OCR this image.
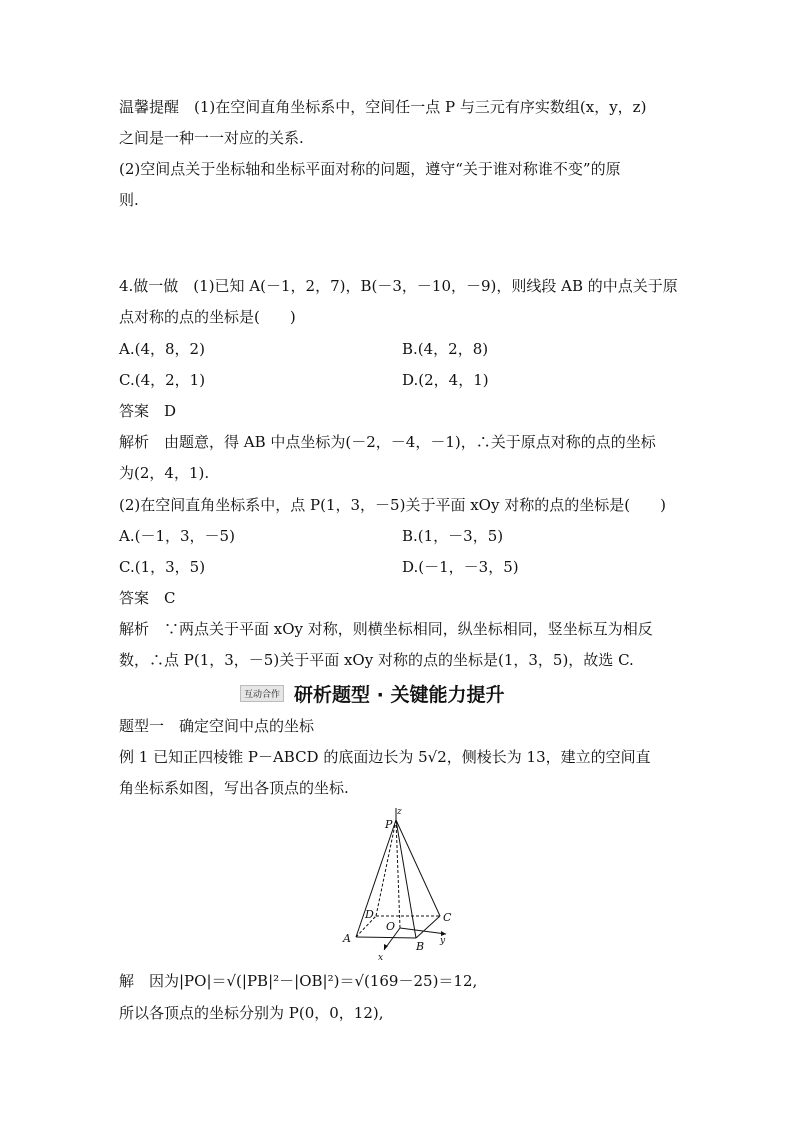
温馨提醒　(1)在空间直角坐标系中，空间任一点 P 与三元有序实数组(x，y，z)
之间是一种一一对应的关系.
(2)空间点关于坐标轴和坐标平面对称的问题，遵守“关于谁对称谁不变”的原
则.
4.做一做　(1)已知 A(－1，2，7)，B(－3，－10，－9)，则线段 AB 的中点关于原
点对称的点的坐标是(　　)
A.(4，8，2)	B.(4，2，8)
C.(4，2，1)	D.(2，4，1)
答案　D
解析　由题意，得 AB 中点坐标为(－2，－4，－1)，∴关于原点对称的点的坐标
为(2，4，1).
(2)在空间直角坐标系中，点 P(1，3，－5)关于平面 xOy 对称的点的坐标是(　　)
A.(－1，3，－5)	B.(1，－3，5)
C.(1，3，5)	D.(－1，－3，5)
答案　C
解析　∵两点关于平面 xOy 对称，则横坐标相同，纵坐标相同，竖坐标互为相反
数，∴点 P(1，3，－5)关于平面 xOy 对称的点的坐标是(1，3，5)，故选 C.
互动合作 研析题型 · 关键能力提升
题型一　确定空间中点的坐标
例 1 已知正四棱锥 P－ABCD 的底面边长为 5√2，侧棱长为 13，建立的空间直
角坐标系如图，写出各顶点的坐标.
P
z
A
B
C
D
O
x
y
解　因为|PO|＝√(|PB|²－|OB|²)＝√(169－25)＝12,
所以各顶点的坐标分别为 P(0，0，12),
